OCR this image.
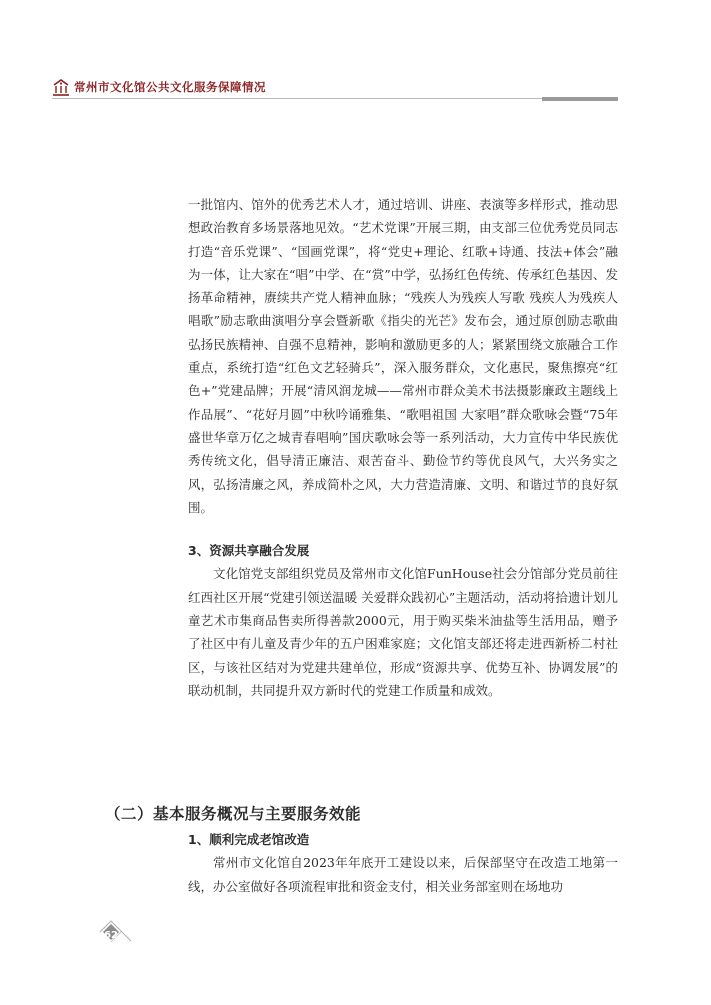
常州市文化馆公共文化服务保障情况

一批馆内、馆外的优秀艺术人才，通过培训、讲座、表演等多样形式，推动思想政治教育多场景落地见效。“艺术党课”开展三期，由支部三位优秀党员同志打造“音乐党课”、“国画党课”，将“党史+理论、红歌+诗通、技法+体会”融为一体，让大家在“唱”中学、在“赏”中学，弘扬红色传统、传承红色基因、发扬革命精神，赓续共产党人精神血脉；“残疾人为残疾人写歌 残疾人为残疾人唱歌”励志歌曲演唱分享会暨新歌《指尖的光芒》发布会，通过原创励志歌曲弘扬民族精神、自强不息精神，影响和激励更多的人；紧紧围绕文旅融合工作重点，系统打造“红色文艺轻骑兵”，深入服务群众，文化惠民，聚焦擦亮“红色+”党建品牌；开展“清风润龙城——常州市群众美术书法摄影廉政主题线上作品展”、“花好月圆”中秋吟诵雅集、“歌唱祖国 大家唱”群众歌咏会暨“75年盛世华章万亿之城青春唱响”国庆歌咏会等一系列活动，大力宣传中华民族优秀传统文化，倡导清正廉洁、艰苦奋斗、勤俭节约等优良风气，大兴务实之风，弘扬清廉之风，养成简朴之风，大力营造清廉、文明、和谐过节的良好氛围。

3、资源共享融合发展

文化馆党支部组织党员及常州市文化馆FunHouse社会分馆部分党员前往红西社区开展“党建引领送温暖 关爱群众践初心”主题活动，活动将拾遗计划儿童艺术市集商品售卖所得善款2000元，用于购买柴米油盐等生活用品，赠予了社区中有儿童及青少年的五户困难家庭；文化馆支部还将走进西新桥二村社区，与该社区结对为党建共建单位，形成“资源共享、优势互补、协调发展”的联动机制，共同提升双方新时代的党建工作质量和成效。

（二）基本服务概况与主要服务效能

1、顺利完成老馆改造

常州市文化馆自2023年年底开工建设以来，后保部坚守在改造工地第一线，办公室做好各项流程审批和资金支付，相关业务部室则在场地功

62
